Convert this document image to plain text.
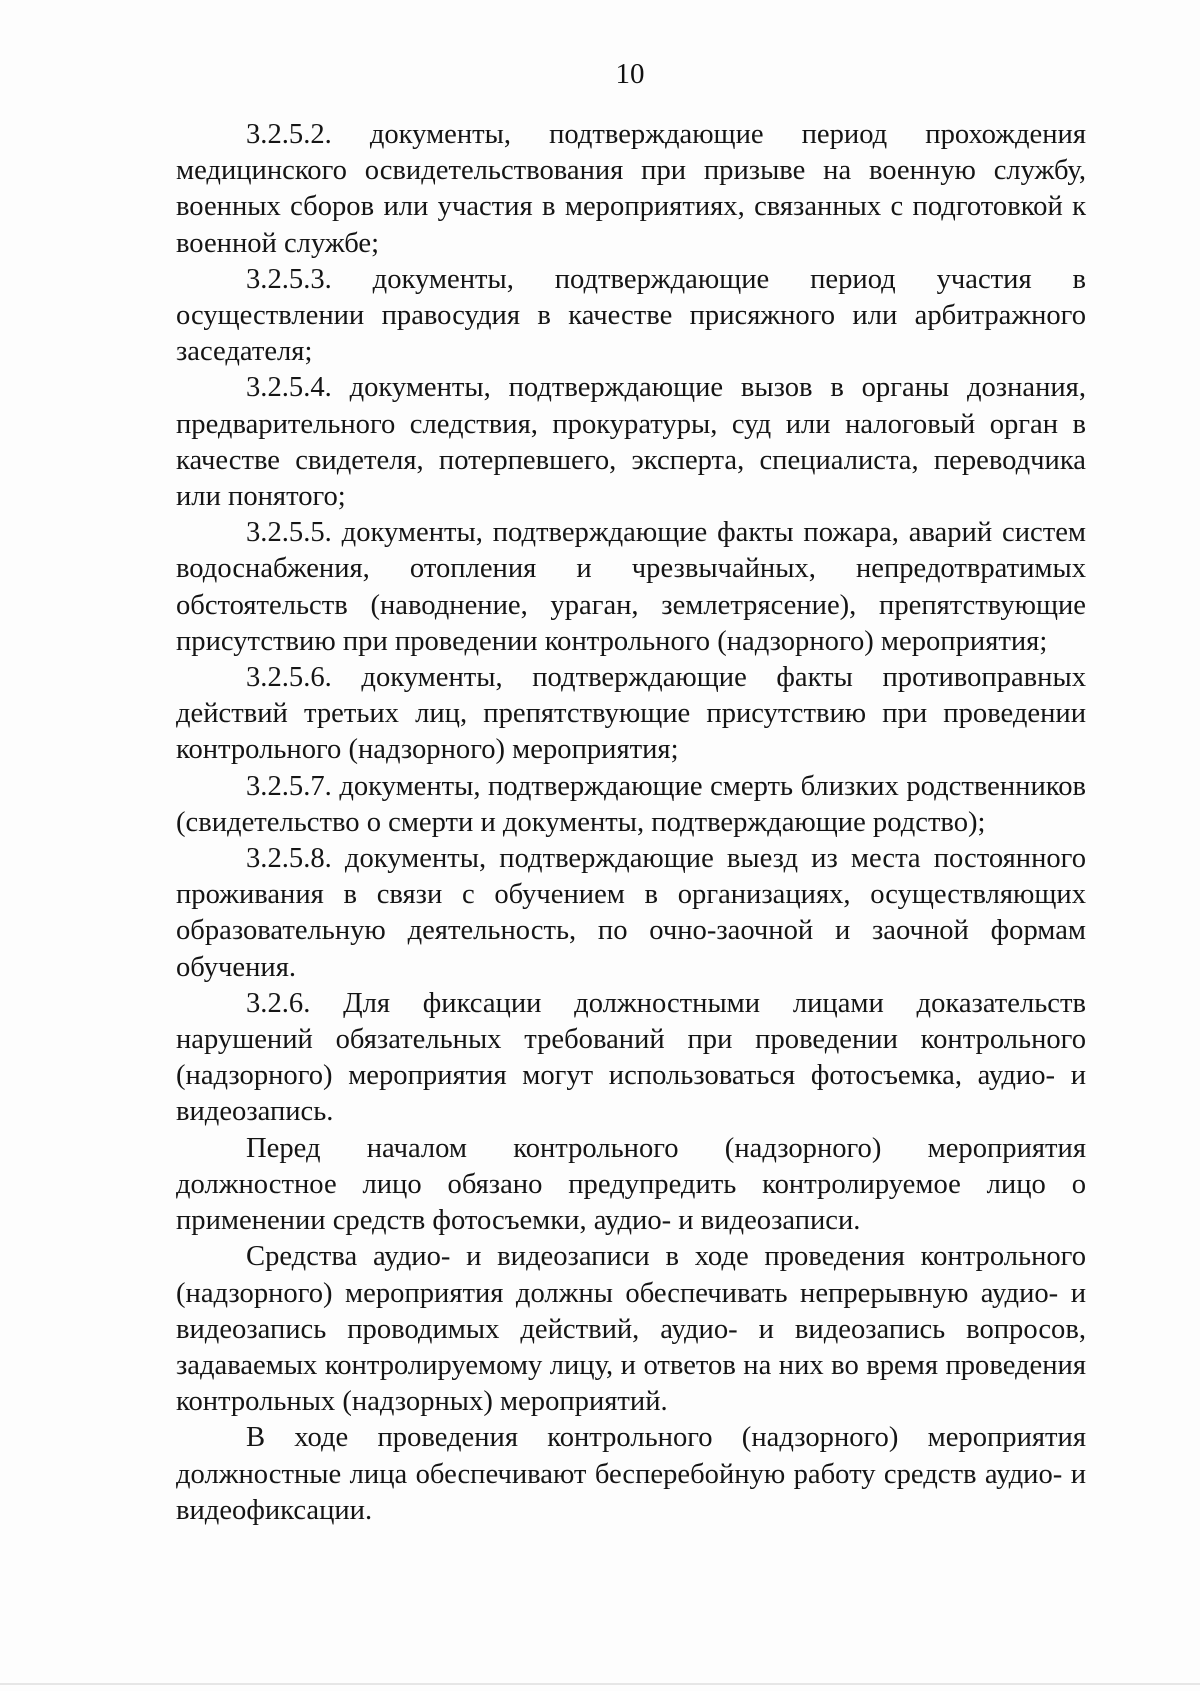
10

3.2.5.2. документы, подтверждающие период прохождения медицинского освидетельствования при призыве на военную службу, военных сборов или участия в мероприятиях, связанных с подготовкой к военной службе;

3.2.5.3. документы, подтверждающие период участия в осуществлении правосудия в качестве присяжного или арбитражного заседателя;

3.2.5.4. документы, подтверждающие вызов в органы дознания, предварительного следствия, прокуратуры, суд или налоговый орган в качестве свидетеля, потерпевшего, эксперта, специалиста, переводчика или понятого;

3.2.5.5. документы, подтверждающие факты пожара, аварий систем водоснабжения, отопления и чрезвычайных, непредотвратимых обстоятельств (наводнение, ураган, землетрясение), препятствующие присутствию при проведении контрольного (надзорного) мероприятия;

3.2.5.6. документы, подтверждающие факты противоправных действий третьих лиц, препятствующие присутствию при проведении контрольного (надзорного) мероприятия;

3.2.5.7. документы, подтверждающие смерть близких родственников (свидетельство о смерти и документы, подтверждающие родство);

3.2.5.8. документы, подтверждающие выезд из места постоянного проживания в связи с обучением в организациях, осуществляющих образовательную деятельность, по очно-заочной и заочной формам обучения.

3.2.6. Для фиксации должностными лицами доказательств нарушений обязательных требований при проведении контрольного (надзорного) мероприятия могут использоваться фотосъемка, аудио- и видеозапись.

Перед началом контрольного (надзорного) мероприятия должностное лицо обязано предупредить контролируемое лицо о применении средств фотосъемки, аудио- и видеозаписи.

Средства аудио- и видеозаписи в ходе проведения контрольного (надзорного) мероприятия должны обеспечивать непрерывную аудио- и видеозапись проводимых действий, аудио- и видеозапись вопросов, задаваемых контролируемому лицу, и ответов на них во время проведения контрольных (надзорных) мероприятий.

В ходе проведения контрольного (надзорного) мероприятия должностные лица обеспечивают бесперебойную работу средств аудио- и видеофиксации.
